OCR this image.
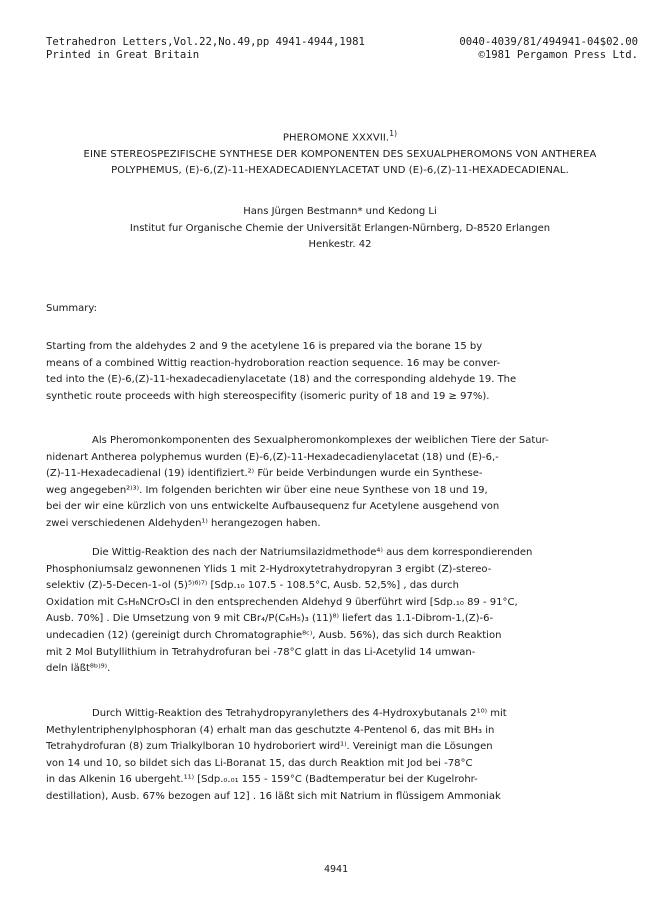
Tetrahedron Letters,Vol.22,No.49,pp 4941-4944,1981	0040-4039/81/494941-04$02.00
Printed in Great Britain	©1981 Pergamon Press Ltd.
PHEROMONE XXXVII.$^{1)}$
EINE STEREOSPEZIFISCHE SYNTHESE DER KOMPONENTEN DES SEXUALPHEROMONS VON ANTHEREA
POLYPHEMUS, (E)-6,(Z)-11-HEXADECADIENYLACETAT UND (E)-6,(Z)-11-HEXADECADIENAL.
Hans Jürgen Bestmann* und Kedong Li
Institut fur Organische Chemie der Universität Erlangen-Nürnberg, D-8520 Erlangen
Henkestr. 42
Summary:
Starting from the aldehydes 2 and 9 the acetylene 16 is prepared via the borane 15 by
means of a combined Wittig reaction-hydroboration reaction sequence. 16 may be conver-
ted into the (E)-6,(Z)-11-hexadecadienylacetate (18) and the corresponding aldehyde 19. The
synthetic route proceeds with high stereospecifity (isomeric purity of 18 and 19 ≥ 97%).
Als Pheromonkomponenten des Sexualpheromonkomplexes der weiblichen Tiere der Satur-
nidenart Antherea polyphemus wurden (E)-6,(Z)-11-Hexadecadienylacetat (18) und (E)-6,-
(Z)-11-Hexadecadienal (19) identifiziert.²⁾ Für beide Verbindungen wurde ein Synthese-
weg angegeben²⁾³⁾. Im folgenden berichten wir über eine neue Synthese von 18 und 19,
bei der wir eine kürzlich von uns entwickelte Aufbausequenz fur Acetylene ausgehend von
zwei verschiedenen Aldehyden¹⁾ herangezogen haben.
Die Wittig-Reaktion des nach der Natriumsilazidmethode⁴⁾ aus dem korrespondierenden
Phosphoniumsalz gewonnenen Ylids 1 mit 2-Hydroxytetrahydropyran 3 ergibt (Z)-stereo-
selektiv (Z)-5-Decen-1-ol (5)⁵⁾⁶⁾⁷⁾ [Sdp.₁₀ 107.5 - 108.5°C, Ausb. 52,5%] , das durch
Oxidation mit C₅H₆NCrO₃Cl in den entsprechenden Aldehyd 9 überführt wird [Sdp.₁₀ 89 - 91°C,
Ausb. 70%] . Die Umsetzung von 9 mit CBr₄/P(C₆H₅)₃ (11)⁸⁾ liefert das 1.1-Dibrom-1,(Z)-6-
undecadien (12) (gereinigt durch Chromatographie⁸ᶜ⁾, Ausb. 56%), das sich durch Reaktion
mit 2 Mol Butyllithium in Tetrahydrofuran bei -78°C glatt in das Li-Acetylid 14 umwan-
deln läßt⁸ᵇ⁾⁹⁾.
Durch Wittig-Reaktion des Tetrahydropyranylethers des 4-Hydroxybutanals 2¹⁰⁾ mit
Methylentriphenylphosphoran (4) erhalt man das geschutzte 4-Pentenol 6, das mit BH₃ in
Tetrahydrofuran (8) zum Trialkylboran 10 hydroboriert wird¹⁾. Vereinigt man die Lösungen
von 14 und 10, so bildet sich das Li-Boranat 15, das durch Reaktion mit Jod bei -78°C
in das Alkenin 16 ubergeht.¹¹⁾ [Sdp.₀.₀₁ 155 - 159°C (Badtemperatur bei der Kugelrohr-
destillation), Ausb. 67% bezogen auf 12] . 16 läßt sich mit Natrium in flüssigem Ammoniak
4941
